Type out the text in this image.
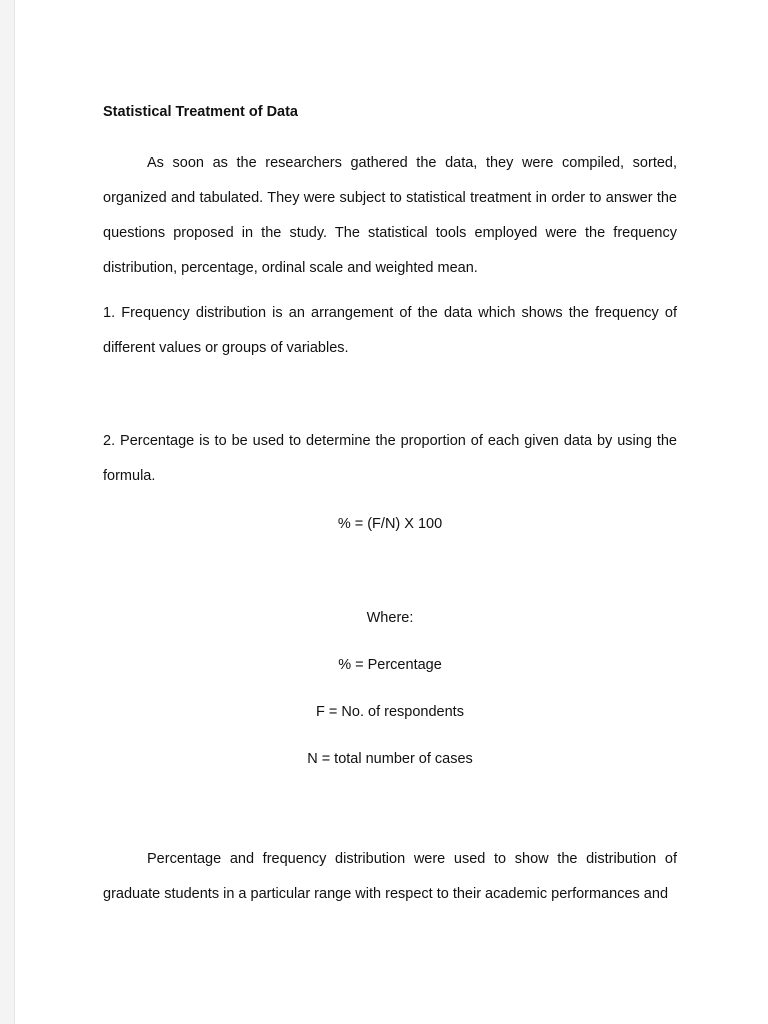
Statistical Treatment of Data

As soon as the researchers gathered the data, they were compiled, sorted, organized and tabulated. They were subject to statistical treatment in order to answer the questions proposed in the study. The statistical tools employed were the frequency distribution, percentage, ordinal scale and weighted mean.

1. Frequency distribution is an arrangement of the data which shows the frequency of different values or groups of variables.

2. Percentage is to be used to determine the proportion of each given data by using the formula.

% = (F/N) X 100

Where:

% = Percentage

F = No. of respondents

N = total number of cases

Percentage and frequency distribution were used to show the distribution of graduate students in a particular range with respect to their academic performances and
